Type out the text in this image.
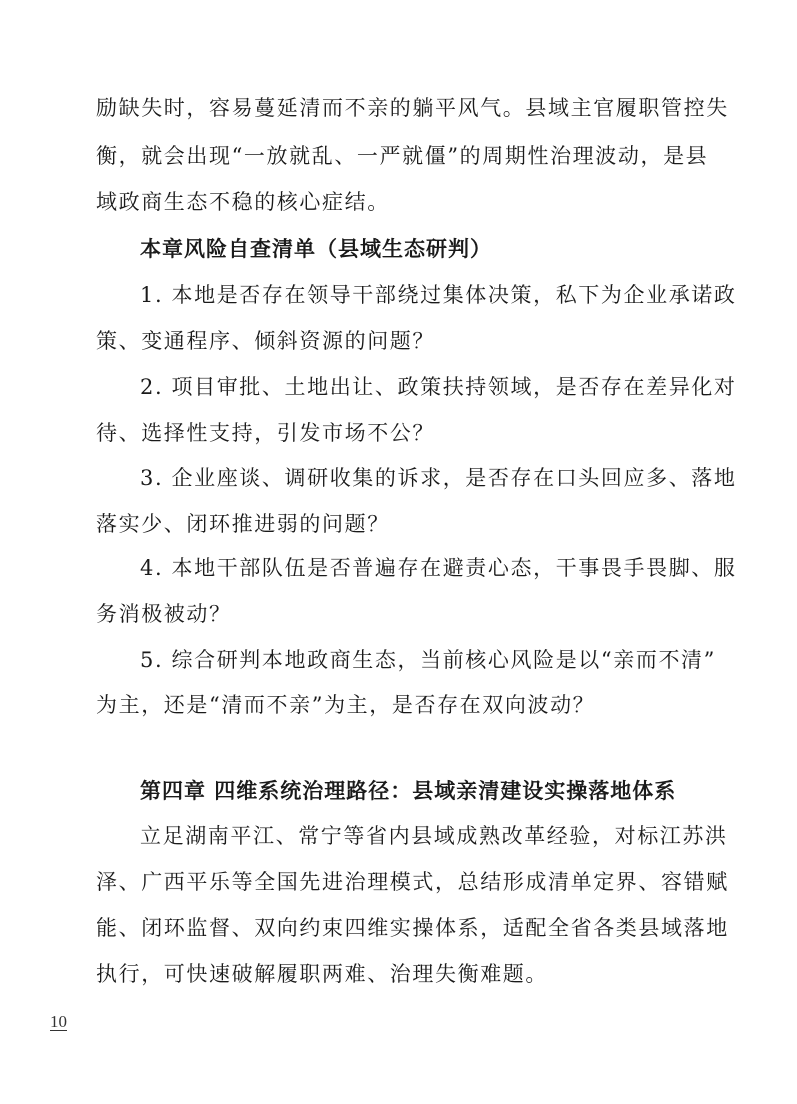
励缺失时，容易蔓延清而不亲的躺平风气。县域主官履职管控失
衡，就会出现“一放就乱、一严就僵”的周期性治理波动，是县
域政商生态不稳的核心症结。
本章风险自查清单（县域生态研判）
1. 本地是否存在领导干部绕过集体决策，私下为企业承诺政
策、变通程序、倾斜资源的问题？
2. 项目审批、土地出让、政策扶持领域，是否存在差异化对
待、选择性支持，引发市场不公？
3. 企业座谈、调研收集的诉求，是否存在口头回应多、落地
落实少、闭环推进弱的问题？
4. 本地干部队伍是否普遍存在避责心态，干事畏手畏脚、服
务消极被动？
5. 综合研判本地政商生态，当前核心风险是以“亲而不清”
为主，还是“清而不亲”为主，是否存在双向波动？
第四章 四维系统治理路径：县域亲清建设实操落地体系
立足湖南平江、常宁等省内县域成熟改革经验，对标江苏洪
泽、广西平乐等全国先进治理模式，总结形成清单定界、容错赋
能、闭环监督、双向约束四维实操体系，适配全省各类县域落地
执行，可快速破解履职两难、治理失衡难题。
10
